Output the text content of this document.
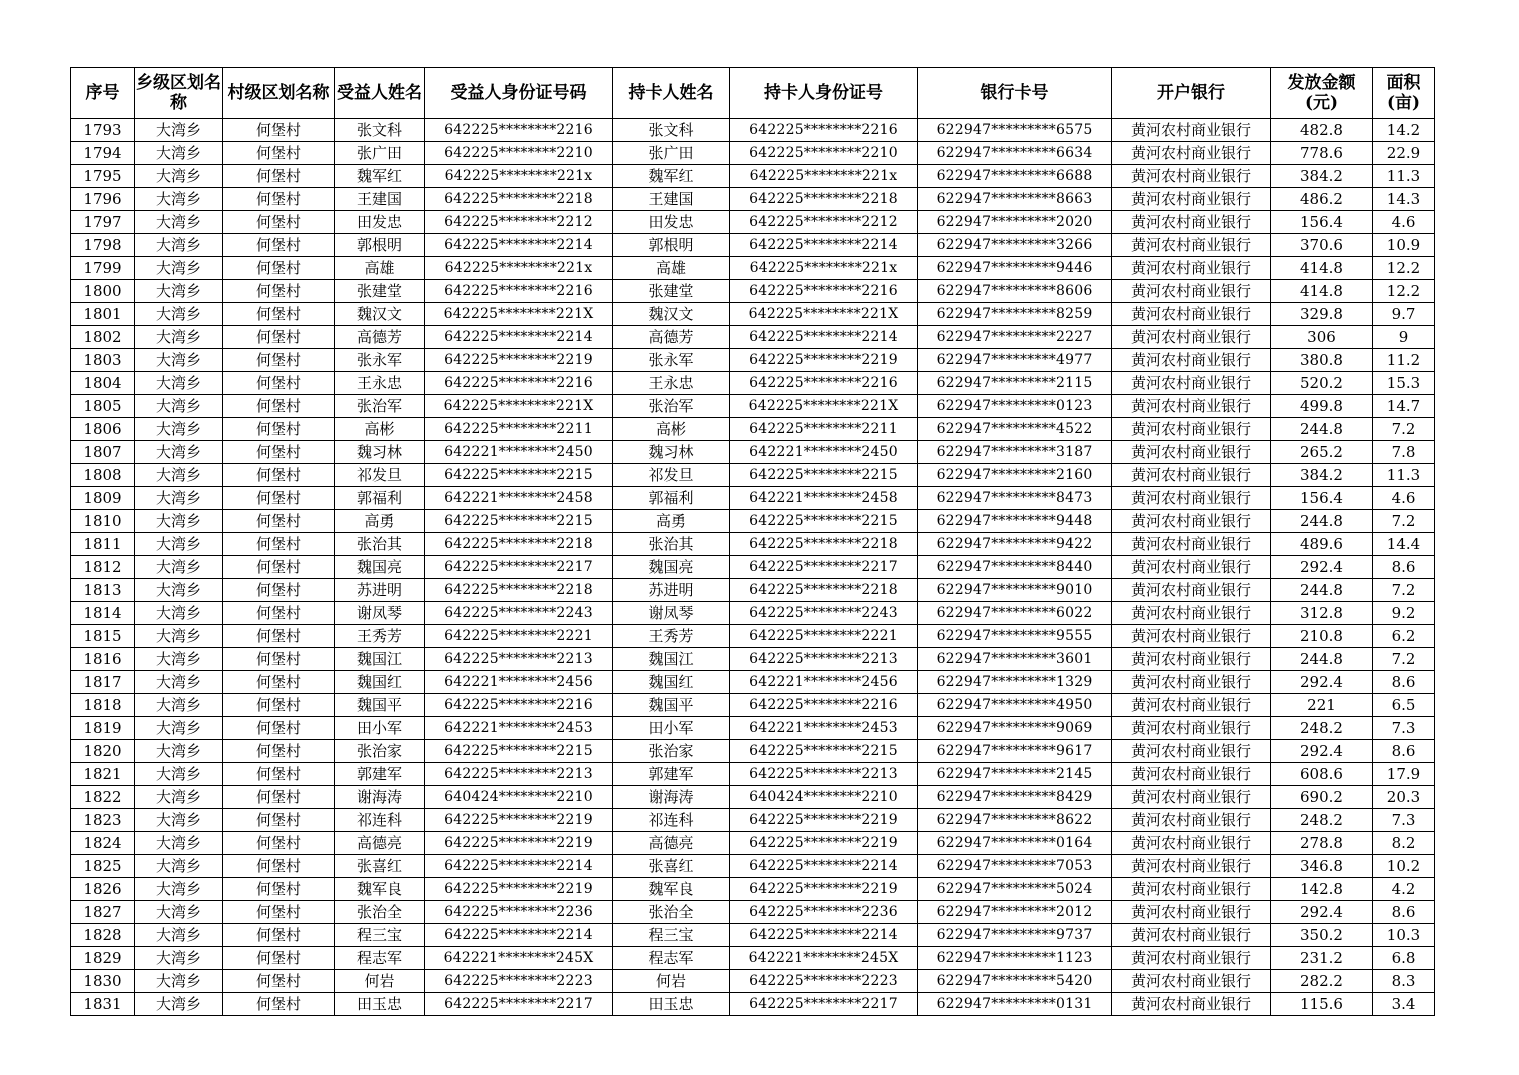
序号	乡级区划名称	村级区划名称	受益人姓名	受益人身份证号码	持卡人姓名	持卡人身份证号	银行卡号	开户银行	发放金额(元)	面积(亩)
1793	大湾乡	何堡村	张文科	642225********2216	张文科	642225********2216	622947*********6575	黄河农村商业银行	482.8	14.2
1794	大湾乡	何堡村	张广田	642225********2210	张广田	642225********2210	622947*********6634	黄河农村商业银行	778.6	22.9
1795	大湾乡	何堡村	魏军红	642225********221x	魏军红	642225********221x	622947*********6688	黄河农村商业银行	384.2	11.3
1796	大湾乡	何堡村	王建国	642225********2218	王建国	642225********2218	622947*********8663	黄河农村商业银行	486.2	14.3
1797	大湾乡	何堡村	田发忠	642225********2212	田发忠	642225********2212	622947*********2020	黄河农村商业银行	156.4	4.6
1798	大湾乡	何堡村	郭根明	642225********2214	郭根明	642225********2214	622947*********3266	黄河农村商业银行	370.6	10.9
1799	大湾乡	何堡村	高雄	642225********221x	高雄	642225********221x	622947*********9446	黄河农村商业银行	414.8	12.2
1800	大湾乡	何堡村	张建堂	642225********2216	张建堂	642225********2216	622947*********8606	黄河农村商业银行	414.8	12.2
1801	大湾乡	何堡村	魏汉文	642225********221X	魏汉文	642225********221X	622947*********8259	黄河农村商业银行	329.8	9.7
1802	大湾乡	何堡村	高德芳	642225********2214	高德芳	642225********2214	622947*********2227	黄河农村商业银行	306	9
1803	大湾乡	何堡村	张永军	642225********2219	张永军	642225********2219	622947*********4977	黄河农村商业银行	380.8	11.2
1804	大湾乡	何堡村	王永忠	642225********2216	王永忠	642225********2216	622947*********2115	黄河农村商业银行	520.2	15.3
1805	大湾乡	何堡村	张治军	642225********221X	张治军	642225********221X	622947*********0123	黄河农村商业银行	499.8	14.7
1806	大湾乡	何堡村	高彬	642225********2211	高彬	642225********2211	622947*********4522	黄河农村商业银行	244.8	7.2
1807	大湾乡	何堡村	魏习林	642221********2450	魏习林	642221********2450	622947*********3187	黄河农村商业银行	265.2	7.8
1808	大湾乡	何堡村	祁发旦	642225********2215	祁发旦	642225********2215	622947*********2160	黄河农村商业银行	384.2	11.3
1809	大湾乡	何堡村	郭福利	642221********2458	郭福利	642221********2458	622947*********8473	黄河农村商业银行	156.4	4.6
1810	大湾乡	何堡村	高勇	642225********2215	高勇	642225********2215	622947*********9448	黄河农村商业银行	244.8	7.2
1811	大湾乡	何堡村	张治其	642225********2218	张治其	642225********2218	622947*********9422	黄河农村商业银行	489.6	14.4
1812	大湾乡	何堡村	魏国亮	642225********2217	魏国亮	642225********2217	622947*********8440	黄河农村商业银行	292.4	8.6
1813	大湾乡	何堡村	苏进明	642225********2218	苏进明	642225********2218	622947*********9010	黄河农村商业银行	244.8	7.2
1814	大湾乡	何堡村	谢凤琴	642225********2243	谢凤琴	642225********2243	622947*********6022	黄河农村商业银行	312.8	9.2
1815	大湾乡	何堡村	王秀芳	642225********2221	王秀芳	642225********2221	622947*********9555	黄河农村商业银行	210.8	6.2
1816	大湾乡	何堡村	魏国江	642225********2213	魏国江	642225********2213	622947*********3601	黄河农村商业银行	244.8	7.2
1817	大湾乡	何堡村	魏国红	642221********2456	魏国红	642221********2456	622947*********1329	黄河农村商业银行	292.4	8.6
1818	大湾乡	何堡村	魏国平	642225********2216	魏国平	642225********2216	622947*********4950	黄河农村商业银行	221	6.5
1819	大湾乡	何堡村	田小军	642221********2453	田小军	642221********2453	622947*********9069	黄河农村商业银行	248.2	7.3
1820	大湾乡	何堡村	张治家	642225********2215	张治家	642225********2215	622947*********9617	黄河农村商业银行	292.4	8.6
1821	大湾乡	何堡村	郭建军	642225********2213	郭建军	642225********2213	622947*********2145	黄河农村商业银行	608.6	17.9
1822	大湾乡	何堡村	谢海涛	640424********2210	谢海涛	640424********2210	622947*********8429	黄河农村商业银行	690.2	20.3
1823	大湾乡	何堡村	祁连科	642225********2219	祁连科	642225********2219	622947*********8622	黄河农村商业银行	248.2	7.3
1824	大湾乡	何堡村	高德亮	642225********2219	高德亮	642225********2219	622947*********0164	黄河农村商业银行	278.8	8.2
1825	大湾乡	何堡村	张喜红	642225********2214	张喜红	642225********2214	622947*********7053	黄河农村商业银行	346.8	10.2
1826	大湾乡	何堡村	魏军良	642225********2219	魏军良	642225********2219	622947*********5024	黄河农村商业银行	142.8	4.2
1827	大湾乡	何堡村	张治全	642225********2236	张治全	642225********2236	622947*********2012	黄河农村商业银行	292.4	8.6
1828	大湾乡	何堡村	程三宝	642225********2214	程三宝	642225********2214	622947*********9737	黄河农村商业银行	350.2	10.3
1829	大湾乡	何堡村	程志军	642221********245X	程志军	642221********245X	622947*********1123	黄河农村商业银行	231.2	6.8
1830	大湾乡	何堡村	何岩	642225********2223	何岩	642225********2223	622947*********5420	黄河农村商业银行	282.2	8.3
1831	大湾乡	何堡村	田玉忠	642225********2217	田玉忠	642225********2217	622947*********0131	黄河农村商业银行	115.6	3.4
